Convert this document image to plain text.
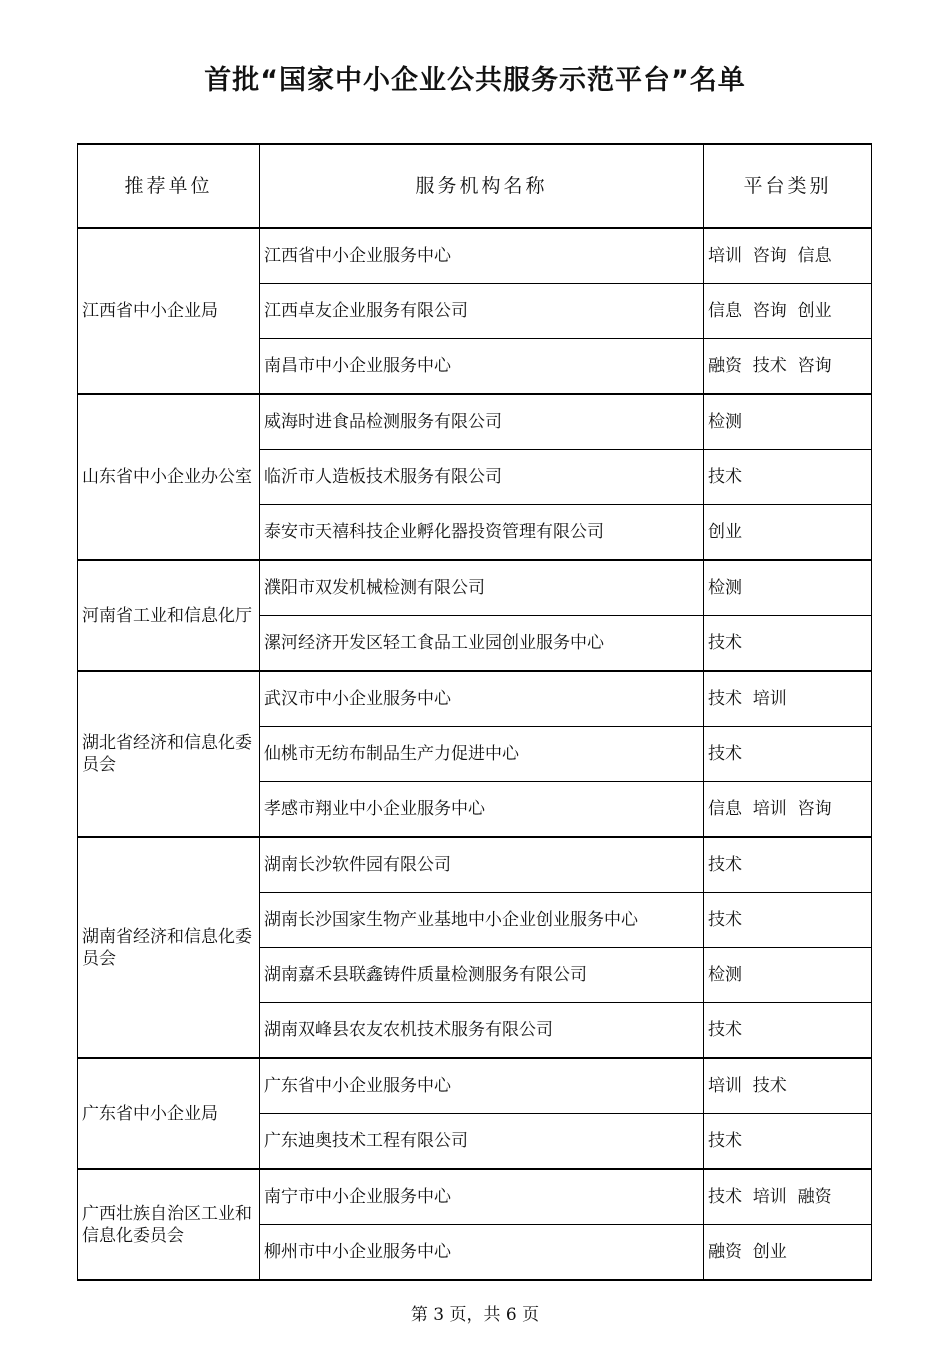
首批“国家中小企业公共服务示范平台”名单
推荐单位	服务机构名称	平台类别
江西省中小企业局	江西省中小企业服务中心	培训  咨询  信息
	江西卓友企业服务有限公司	信息  咨询  创业
	南昌市中小企业服务中心	融资  技术  咨询
山东省中小企业办公室	威海时进食品检测服务有限公司	检测
	临沂市人造板技术服务有限公司	技术
	泰安市天禧科技企业孵化器投资管理有限公司	创业
河南省工业和信息化厅	濮阳市双发机械检测有限公司	检测
	漯河经济开发区轻工食品工业园创业服务中心	技术
湖北省经济和信息化委员会	武汉市中小企业服务中心	技术  培训
	仙桃市无纺布制品生产力促进中心	技术
	孝感市翔业中小企业服务中心	信息  培训  咨询
湖南省经济和信息化委员会	湖南长沙软件园有限公司	技术
	湖南长沙国家生物产业基地中小企业创业服务中心	技术
	湖南嘉禾县联鑫铸件质量检测服务有限公司	检测
	湖南双峰县农友农机技术服务有限公司	技术
广东省中小企业局	广东省中小企业服务中心	培训  技术
	广东迪奥技术工程有限公司	技术
广西壮族自治区工业和信息化委员会	南宁市中小企业服务中心	技术  培训  融资
	柳州市中小企业服务中心	融资  创业
第 3 页，共 6 页
